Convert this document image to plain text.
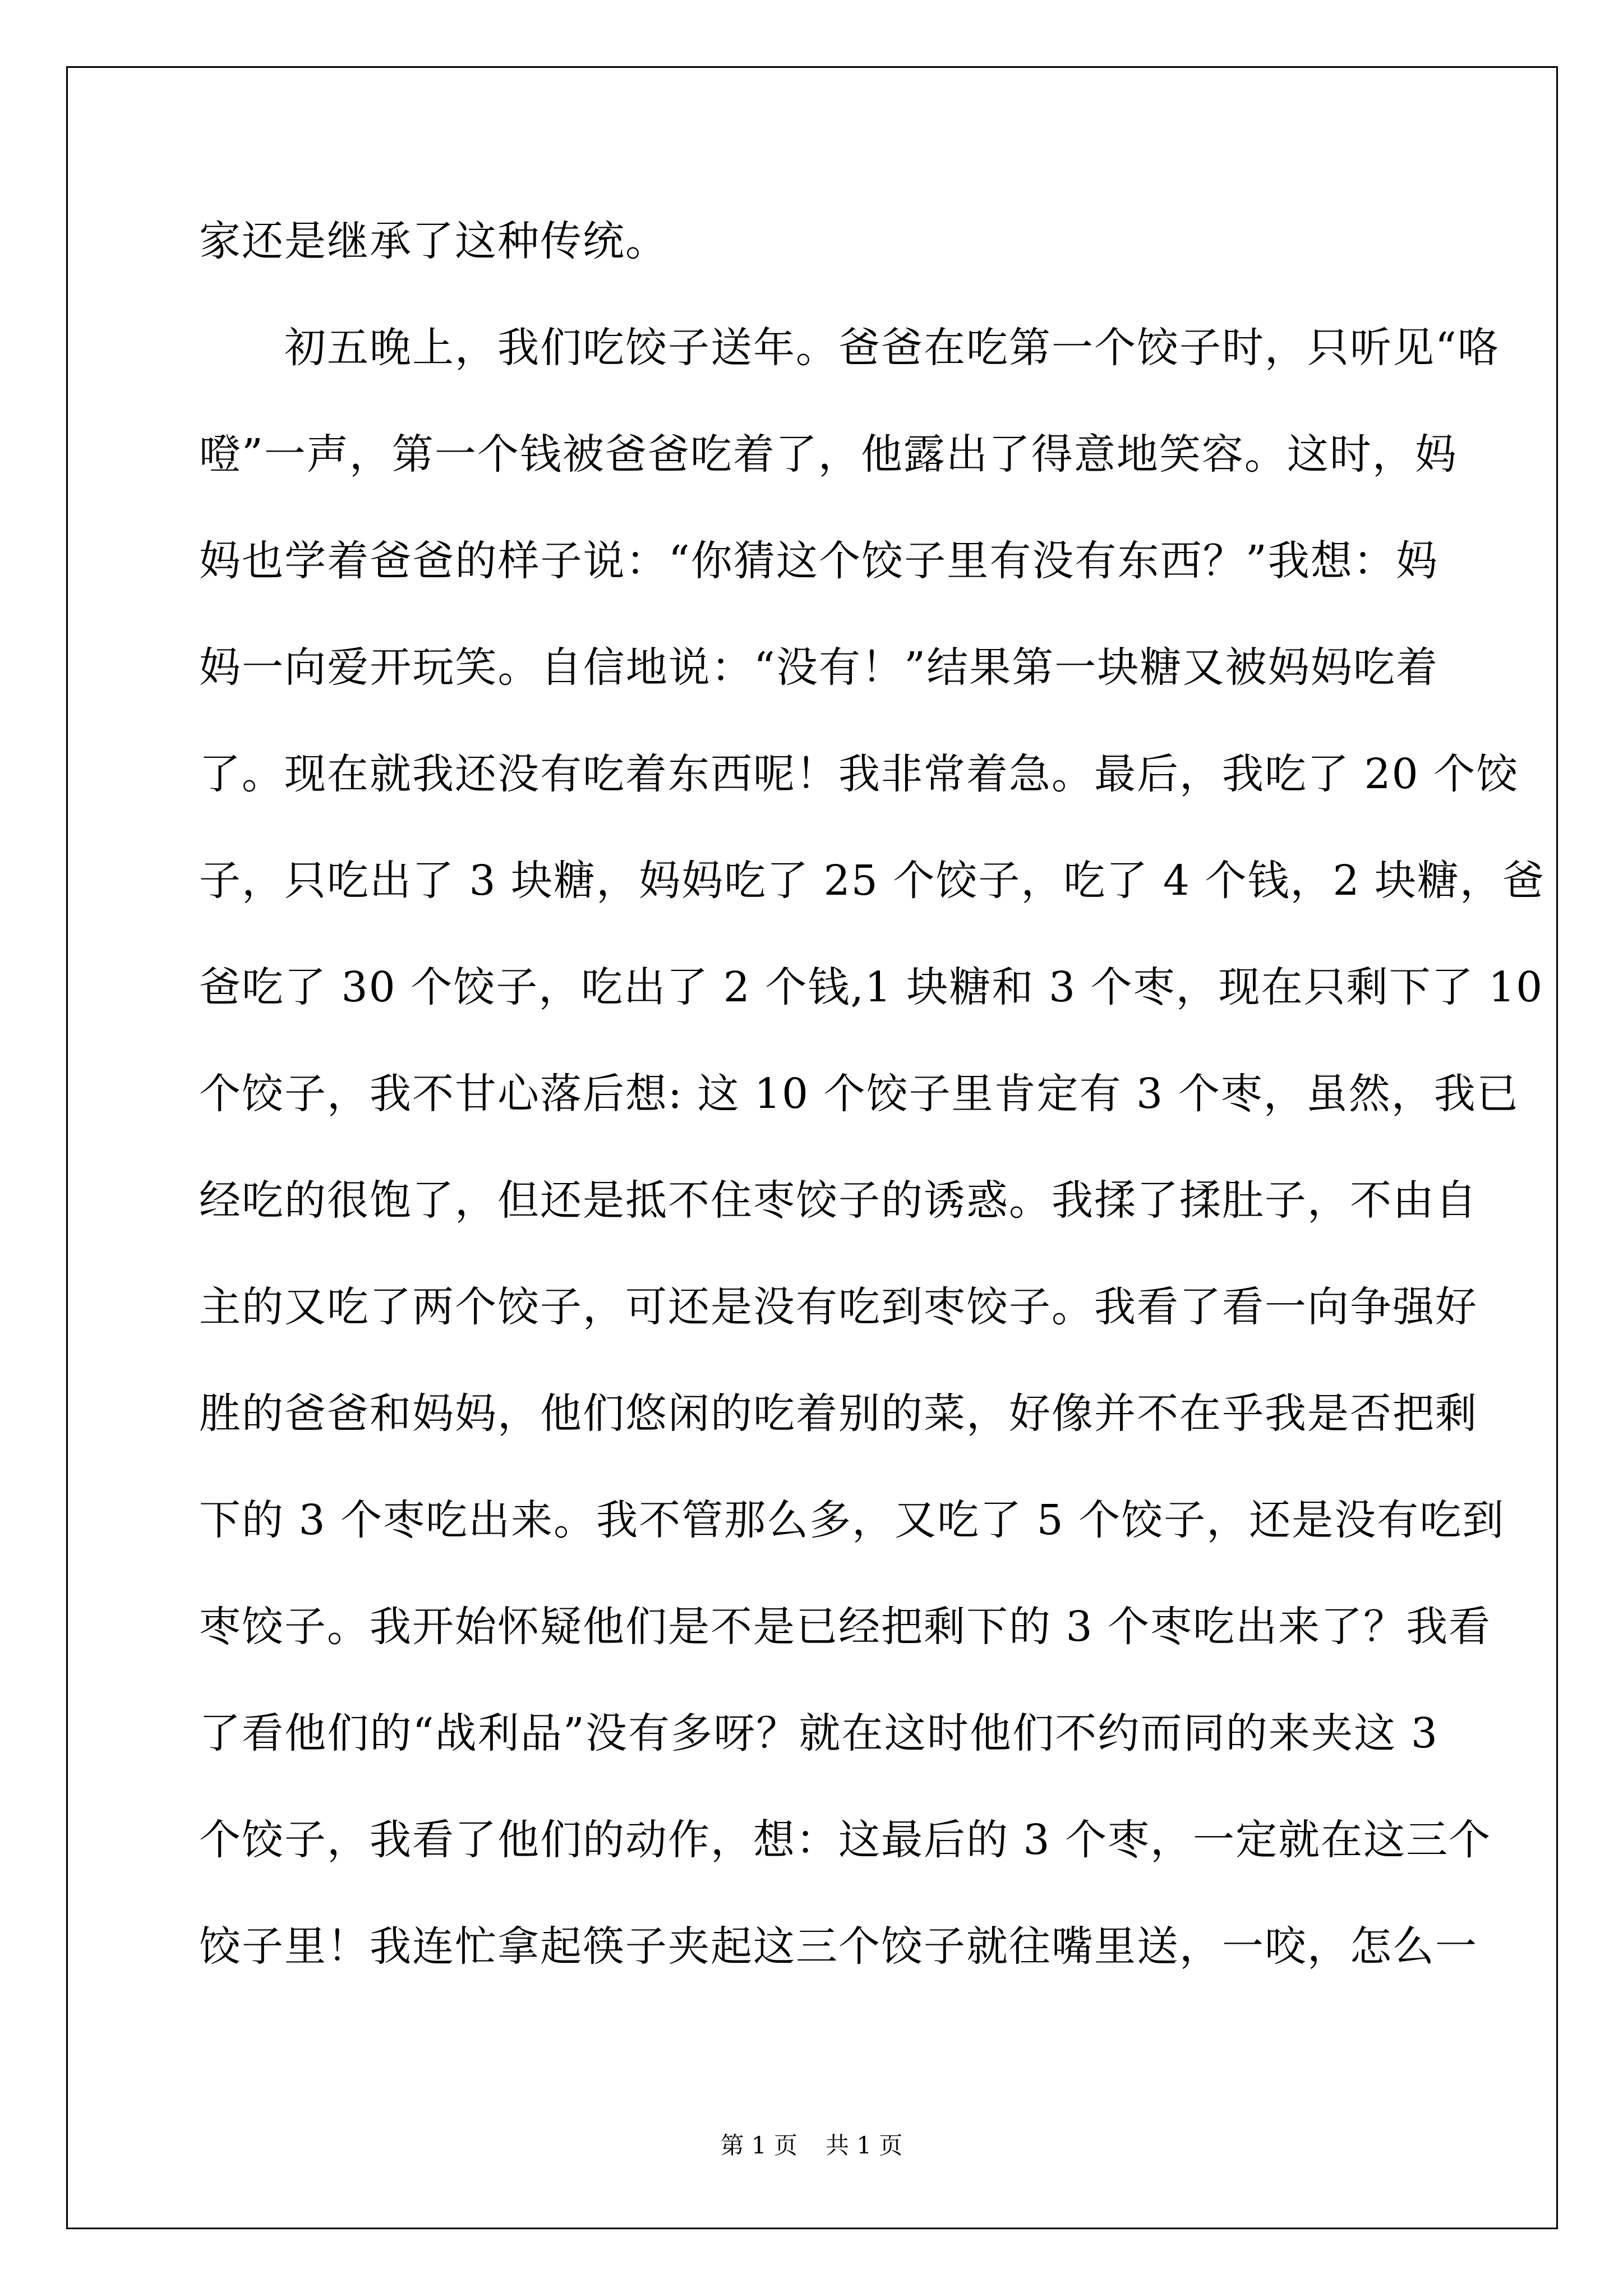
家还是继承了这种传统。
　　初五晚上，我们吃饺子送年。爸爸在吃第一个饺子时，只听见“咯
噔”一声，第一个钱被爸爸吃着了，他露出了得意地笑容。这时，妈
妈也学着爸爸的样子说：“你猜这个饺子里有没有东西？”我想：妈
妈一向爱开玩笑。自信地说：“没有！”结果第一块糖又被妈妈吃着
了。现在就我还没有吃着东西呢！我非常着急。最后，我吃了 20 个饺
子，只吃出了 3 块糖，妈妈吃了 25 个饺子，吃了 4 个钱，2 块糖，爸
爸吃了 30 个饺子，吃出了 2 个钱,1 块糖和 3 个枣，现在只剩下了 10
个饺子，我不甘心落后想: 这 10 个饺子里肯定有 3 个枣，虽然，我已
经吃的很饱了，但还是抵不住枣饺子的诱惑。我揉了揉肚子，不由自
主的又吃了两个饺子，可还是没有吃到枣饺子。我看了看一向争强好
胜的爸爸和妈妈，他们悠闲的吃着别的菜，好像并不在乎我是否把剩
下的 3 个枣吃出来。我不管那么多，又吃了 5 个饺子，还是没有吃到
枣饺子。我开始怀疑他们是不是已经把剩下的 3 个枣吃出来了？我看
了看他们的“战利品”没有多呀？就在这时他们不约而同的来夹这 3
个饺子，我看了他们的动作，想：这最后的 3 个枣，一定就在这三个
饺子里！我连忙拿起筷子夹起这三个饺子就往嘴里送，一咬，怎么一
第 1 页 共 1 页
